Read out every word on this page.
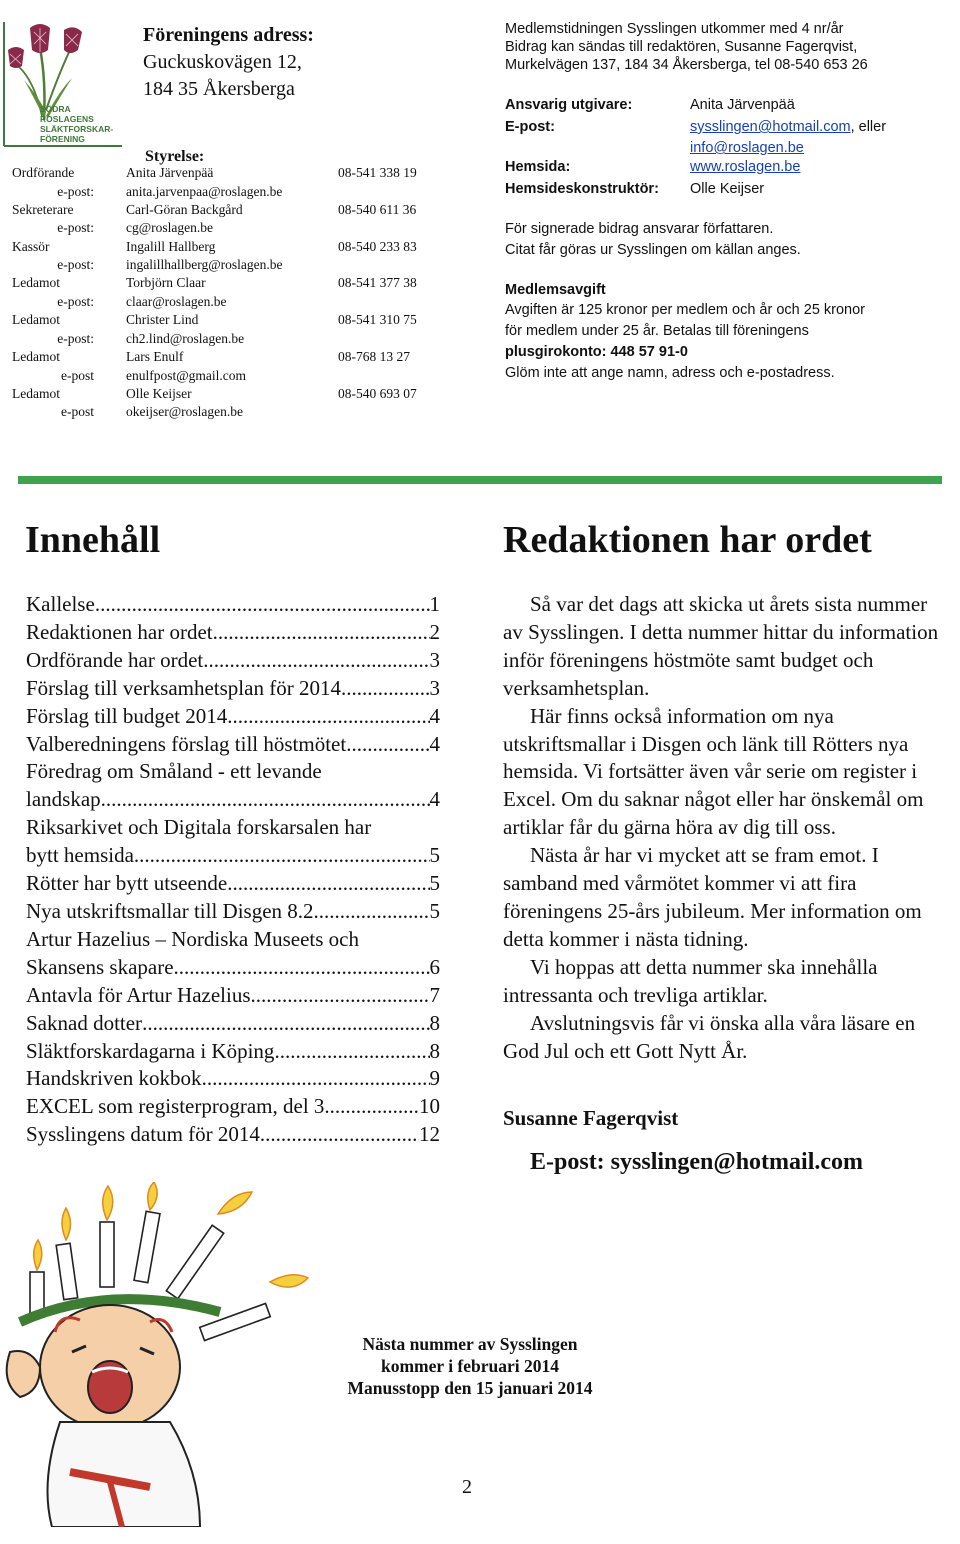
SÖDRA
ROSLAGENS
SLÄKTFORSKAR-
FÖRENING
Föreningens adress:
Guckuskovägen 12,
184 35 Åkersberga
Styrelse:
Ordförande	Anita Järvenpää	08-541 338 19
e-post: anita.jarvenpaa@roslagen.be
Sekreterare	Carl-Göran Backgård	08-540 611 36
e-post: cg@roslagen.be
Kassör	Ingalill Hallberg	08-540 233 83
e-post: ingalillhallberg@roslagen.be
Ledamot	Torbjörn Claar	08-541 377 38
e-post: claar@roslagen.be
Ledamot	Christer Lind	08-541 310 75
e-post: ch2.lind@roslagen.be
Ledamot	Lars Enulf	08-768 13 27
e-post enulfpost@gmail.com
Ledamot	Olle Keijser	08-540 693 07
e-post okeijser@roslagen.be
Medlemstidningen Sysslingen utkommer med 4 nr/år
Bidrag kan sändas till redaktören, Susanne Fagerqvist,
Murkelvägen 137, 184 34 Åkersberga, tel 08-540 653 26
Ansvarig utgivare:	Anita Järvenpää
E-post:	sysslingen@hotmail.com, eller
info@roslagen.be
Hemsida:	www.roslagen.be
Hemsideskonstruktör: Olle Keijser
För signerade bidrag ansvarar författaren.
Citat får göras ur Sysslingen om källan anges.
Medlemsavgift
Avgiften är 125 kronor per medlem och år och 25 kronor
för medlem under 25 år. Betalas till föreningens
plusgirokonto: 448 57 91-0
Glöm inte att ange namn, adress och e-postadress.
Innehåll	Redaktionen har ordet
Kallelse .....	1
Redaktionen har ordet .....	2
Ordförande har ordet .....	3
Förslag till verksamhetsplan för 2014 .....	3
Förslag till budget 2014 .....	4
Valberedningens förslag till höstmötet .....	4
Föredrag om Småland - ett levande
landskap .....	4
Riksarkivet och Digitala forskarsalen har
bytt hemsida .....	5
Rötter har bytt utseende .....	5
Nya utskriftsmallar till Disgen 8.2 .....	5
Artur Hazelius – Nordiska Museets och
Skansens skapare .....	6
Antavla för Artur Hazelius .....	7
Saknad dotter .....	8
Släktforskardagarna i Köping .....	8
Handskriven kokbok .....	9
EXCEL som registerprogram, del 3 .....	10
Sysslingens datum för 2014 .....	12

Så var det dags att skicka ut årets sista nummer av Sysslingen. I detta nummer hittar du information inför föreningens höstmöte samt budget och verksamhetsplan.

Här finns också information om nya utskriftsmallar i Disgen och länk till Rötters nya hemsida. Vi fortsätter även vår serie om register i Excel. Om du saknar något eller har önskemål om artiklar får du gärna höra av dig till oss.

Nästa år har vi mycket att se fram emot. I samband med vårmötet kommer vi att fira föreningens 25-års jubileum. Mer information om detta kommer i nästa tidning.

Vi hoppas att detta nummer ska innehålla intressanta och trevliga artiklar.

Avslutningsvis får vi önska alla våra läsare en God Jul och ett Gott Nytt År.

Susanne Fagerqvist
E-post: sysslingen@hotmail.com
Nästa nummer av Sysslingen
kommer i februari 2014
Manusstopp den 15 januari 2014
2
